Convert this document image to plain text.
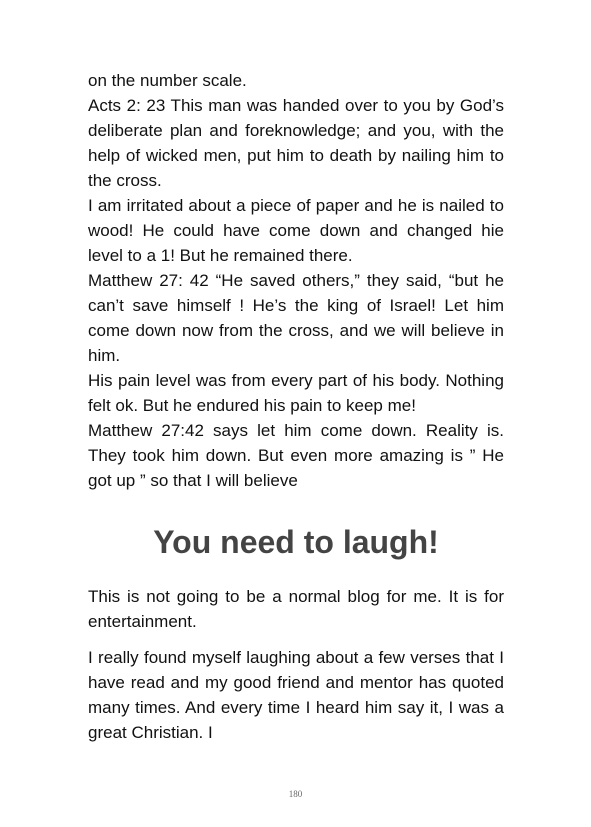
on the number scale.

Acts 2: 23 This man was handed over to you by God’s deliberate plan and foreknowledge; and you, with the help of wicked men, put him to death by nailing him to the cross.

I am irritated about a piece of paper and he is nailed to wood! He could have come down and changed hie level to a 1! But he remained there.

Matthew 27: 42 “He saved others,” they said, “but he can’t save himself ! He’s the king of Israel! Let him come down now from the cross, and we will believe in him.

His pain level was from every part of his body. Nothing felt ok. But he endured his pain to keep me!

Matthew 27:42 says let him come down. Reality is. They took him down. But even more amazing is ” He got up ” so that I will believe

You need to laugh!

This is not going to be a normal blog for me. It is for entertainment.

I really found myself laughing about a few verses that I have read and my good friend and mentor has quoted many times. And every time I heard him say it, I was a great Christian. I

180
